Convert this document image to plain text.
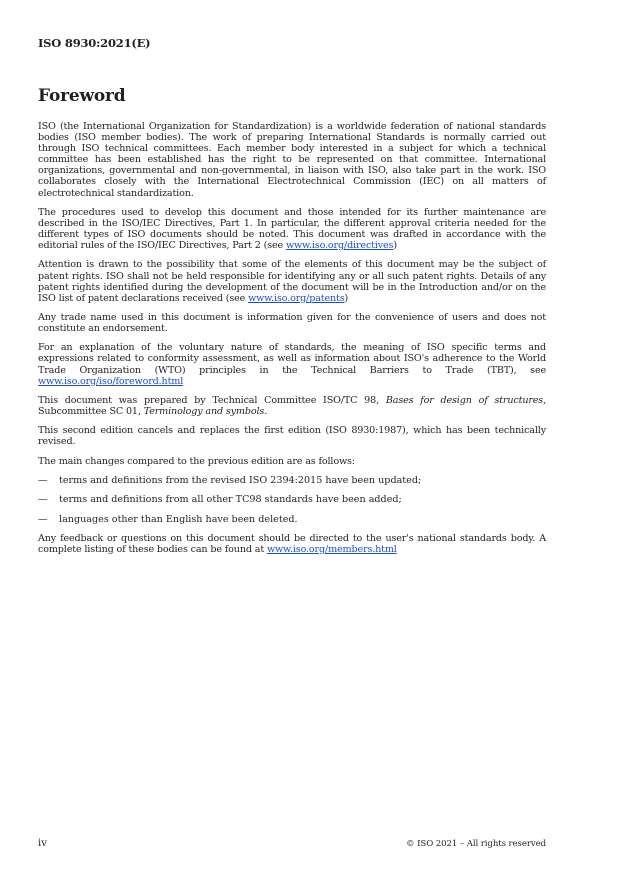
ISO 8930:2021(E)
Foreword

ISO (the International Organization for Standardization) is a worldwide federation of national standards bodies (ISO member bodies). The work of preparing International Standards is normally carried out through ISO technical committees. Each member body interested in a subject for which a technical committee has been established has the right to be represented on that committee. International organizations, governmental and non-governmental, in liaison with ISO, also take part in the work. ISO collaborates closely with the International Electrotechnical Commission (IEC) on all matters of electrotechnical standardization.

The procedures used to develop this document and those intended for its further maintenance are described in the ISO/IEC Directives, Part 1. In particular, the different approval criteria needed for the different types of ISO documents should be noted. This document was drafted in accordance with the editorial rules of the ISO/IEC Directives, Part 2 (see www.iso.org/directives)

Attention is drawn to the possibility that some of the elements of this document may be the subject of patent rights. ISO shall not be held responsible for identifying any or all such patent rights. Details of any patent rights identified during the development of the document will be in the Introduction and/or on the ISO list of patent declarations received (see www.iso.org/patents)

Any trade name used in this document is information given for the convenience of users and does not constitute an endorsement.

For an explanation of the voluntary nature of standards, the meaning of ISO specific terms and expressions related to conformity assessment, as well as information about ISO's adherence to the World Trade Organization (WTO) principles in the Technical Barriers to Trade (TBT), see www.iso.org/iso/foreword.html

This document was prepared by Technical Committee ISO/TC 98, Bases for design of structures, Subcommittee SC 01, Terminology and symbols.

This second edition cancels and replaces the first edition (ISO 8930:1987), which has been technically revised.

The main changes compared to the previous edition are as follows:

—	terms and definitions from the revised ISO 2394:2015 have been updated;
—	terms and definitions from all other TC98 standards have been added;
—	languages other than English have been deleted.

Any feedback or questions on this document should be directed to the user's national standards body. A complete listing of these bodies can be found at www.iso.org/members.html

iv	© ISO 2021 – All rights reserved
